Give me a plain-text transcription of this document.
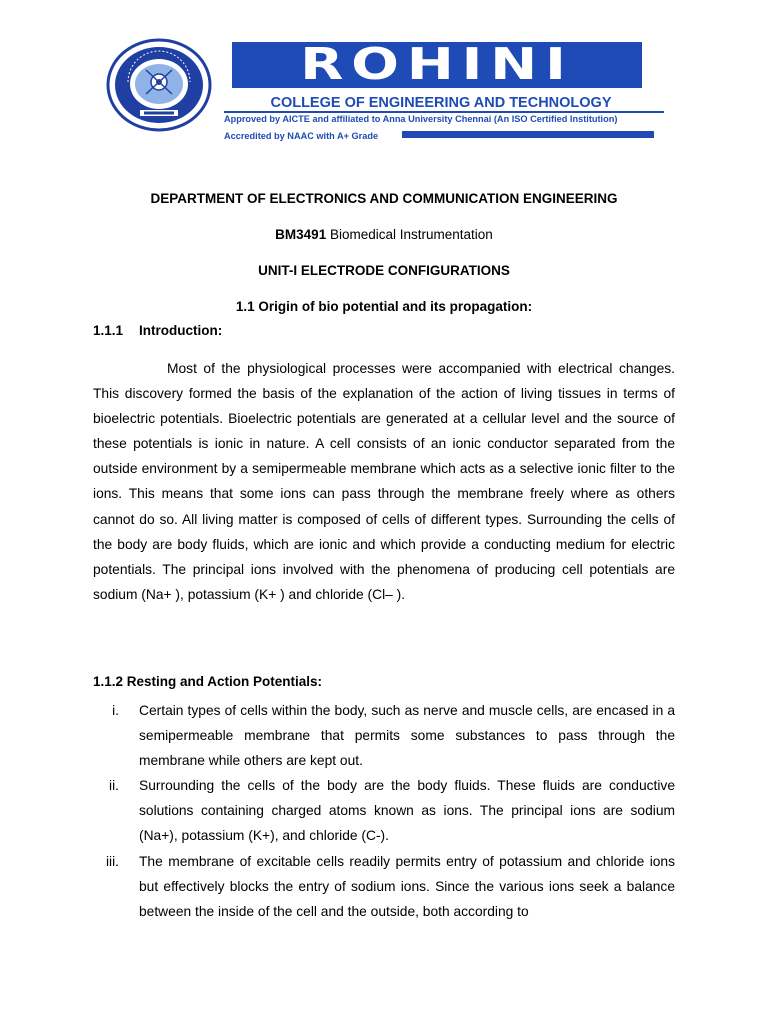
ROHINI
COLLEGE OF ENGINEERING AND TECHNOLOGY
Approved by AICTE and affiliated to Anna University Chennai (An ISO Certified Institution)
Accredited by NAAC with A+ Grade
DEPARTMENT OF ELECTRONICS AND COMMUNICATION ENGINEERING
BM3491 Biomedical Instrumentation
UNIT-I ELECTRODE CONFIGURATIONS
1.1 Origin of bio potential and its propagation:
1.1.1 Introduction:

Most of the physiological processes were accompanied with electrical changes. This discovery formed the basis of the explanation of the action of living tissues in terms of bioelectric potentials. Bioelectric potentials are generated at a cellular level and the source of these potentials is ionic in nature. A cell consists of an ionic conductor separated from the outside environment by a semipermeable membrane which acts as a selective ionic filter to the ions. This means that some ions can pass through the membrane freely where as others cannot do so. All living matter is composed of cells of different types. Surrounding the cells of the body are body fluids, which are ionic and which provide a conducting medium for electric potentials. The principal ions involved with the phenomena of producing cell potentials are sodium (Na+ ), potassium (K+ ) and chloride (Cl– ).

1.1.2 Resting and Action Potentials:
i. Certain types of cells within the body, such as nerve and muscle cells, are encased in a semipermeable membrane that permits some substances to pass through the membrane while others are kept out.
ii. Surrounding the cells of the body are the body fluids. These fluids are conductive solutions containing charged atoms known as ions. The principal ions are sodium (Na+), potassium (K+), and chloride (C-).
iii. The membrane of excitable cells readily permits entry of potassium and chloride ions but effectively blocks the entry of sodium ions. Since the various ions seek a balance between the inside of the cell and the outside, both according to
